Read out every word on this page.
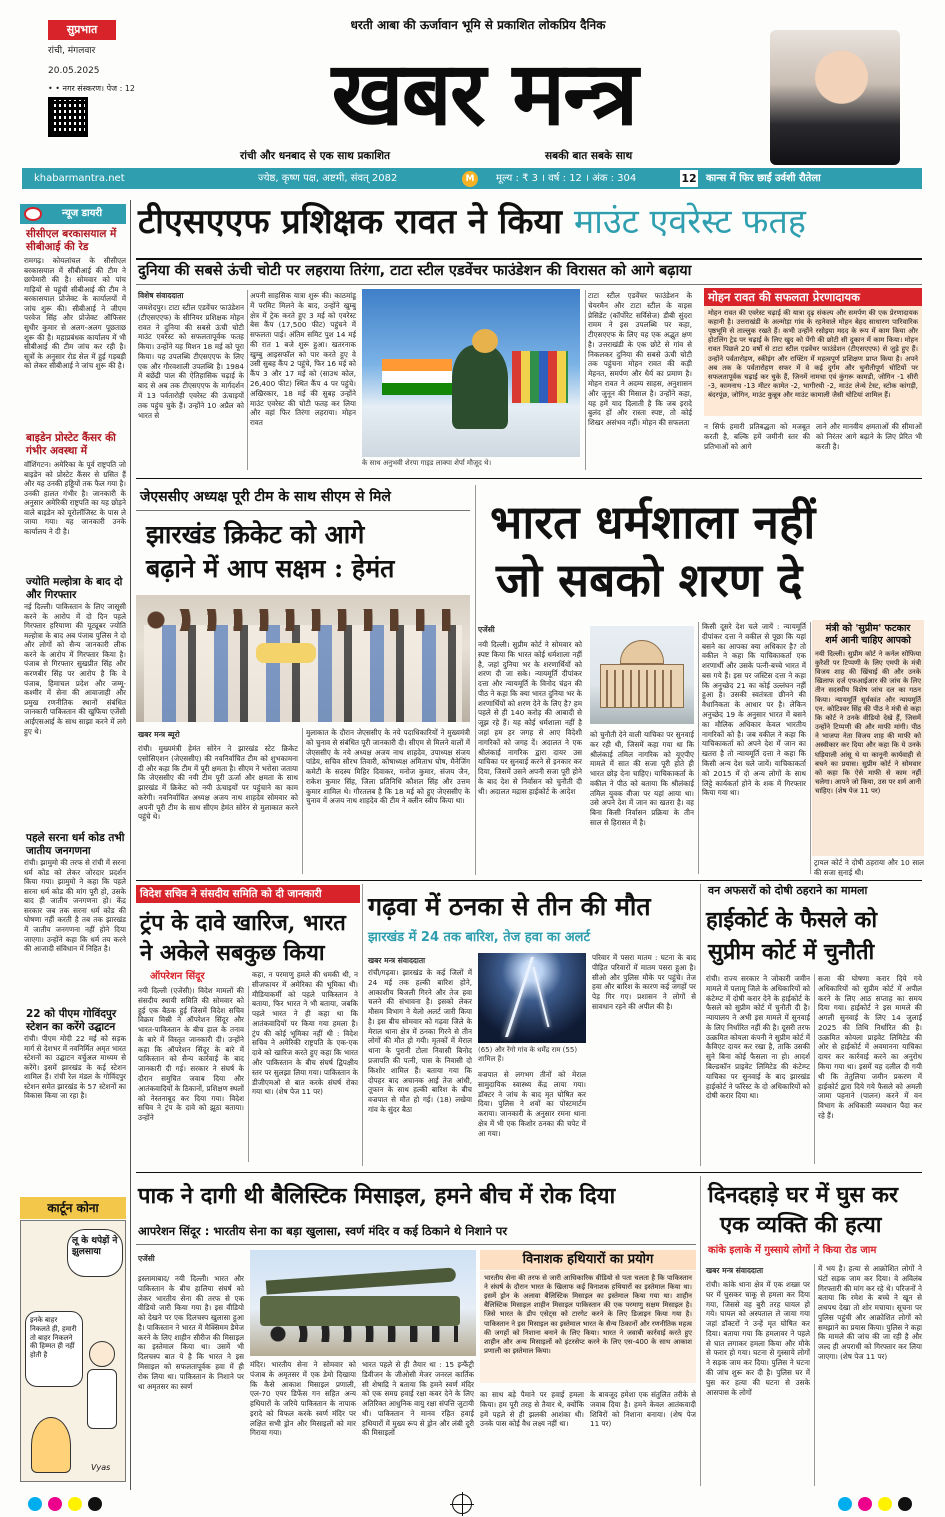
सुप्रभात
रांची, मंगलवार
20.05.2025
• • नगर संस्करण। पेज : 12
धरती आबा की ऊर्जावान भूमि से प्रकाशित लोकप्रिय दैनिक
खबर मन्त्र
रांची और धनबाद से एक साथ प्रकाशित	सबकी बात सबके साथ
khabarmantra.net	ज्येष्ठ, कृष्ण पक्ष, अष्टमी, संवत् 2082	मूल्य : ₹ 3 । वर्ष : 12 । अंक : 304	कान्स में फिर छाईं उर्वशी रौतेला
M	12
न्यूज डायरी
सीसीएल बरकासयाल में सीबीआई की रेड
रामगढ़। कोयलांचल के सीसीएल बरकासयाल में सीबीआई की टीम ने छापेमारी की है। सोमवार को पांच गाड़ियों से पहुंची सीबीआई की टीम ने बरकासयाल प्रोजेक्ट के कार्यालयों में जांच शुरू की। सीबीआई ने जीएम परवेज सिंह और प्रोजेक्ट ऑफिसर सुधीर कुमार से अलग-अलग पूछताछ शुरू की है। महाप्रबंधक कार्यालय में भी सीबीआई की टीम जांच कर रही है। सूत्रों के अनुसार रोड सेल में हुई गड़बड़ी को लेकर सीबीआई ने जांच शुरू की है।
बाइडेन प्रोस्टेट कैंसर की गंभीर अवस्था में
वॉशिंगटन। अमेरिका के पूर्व राष्ट्रपति जो बाइडेन को प्रोस्टेट कैंसर से ग्रसित हैं और यह उनकी हड्डियों तक फैल गया है। उनकी हालत गंभीर है। जानकारी के अनुसार अमेरिकी राष्ट्रपति का यह छोड़ने वाले बाइडेन को यूरोलॉजिस्ट के पास ले जाया गया। यह जानकारी उनके कार्यालय ने दी है।
ज्योति मल्होत्रा के बाद दो और गिरफ्तार
नई दिल्ली। पाकिस्तान के लिए जासूसी करने के आरोप में दो दिन पहले गिरफ्तार हरियाणा की यूट्यूबर ज्योति मल्होत्रा के बाद अब पंजाब पुलिस ने दो और लोगों को सैन्य जानकारी लीक करने के आरोप में गिरफ्तार किया है। पंजाब से गिरफ्तार सुखप्रीत सिंह और करणबीर सिंह पर आरोप है कि वे पंजाब, हिमाचल प्रदेश और जम्मू-कश्मीर में सेना की आवाजाही और प्रमुख रणनीतिक स्थानों संबंधित जानकारी पाकिस्तान की खुफिया एजेंसी आईएसआई के साथ साझा करने में लगे हुए थे।
पहले सरना धर्म कोड तभी जातीय जनगणना
रांची। झामुमो की तरफ से रांची में सरना धर्म कोड को लेकर जोरदार प्रदर्शन किया गया। झामुमो ने कहा कि पहले सरना धर्म कोड की मांग पूरी हो, उसके बाद ही जातीय जनगणना हो। केंद्र सरकार जब तक सरना धर्म कोड की घोषणा नहीं करती है तब तक झारखंड में जातीय जनगणना नहीं होने दिया जाएगा। उन्होंने कहा कि धर्म तय करने की आजादी संविधान में निहित है।
22 को पीएम गोविंदपुर स्टेशन का करेंगे उद्घाटन
रांची। पीएम मोदी 22 मई को सड़क मार्ग से देशभर में नवनिर्मित अमृत भारत स्टेशनों का उद्घाटन वर्चुअल माध्यम से करेंगे। इसमें झारखंड के कई स्टेशन शामिल हैं। रांची रेल मंडल के गोविंदपुर स्टेशन समेत झारखंड के 57 स्टेशनों का विकास किया जा रहा है।
कार्टून कोना
लू के थपेड़ों ने झुलसाया
इनके बाहर निकलते ही, हमारी तो बाहर निकलने की हिम्मत ही नहीं होती है
Vyas
टीएसएएफ प्रशिक्षक रावत ने किया माउंट एवरेस्ट फतह
दुनिया की सबसे ऊंची चोटी पर लहराया तिरंगा, टाटा स्टील एडवेंचर फाउंडेशन की विरासत को आगे बढ़ाया
विशेष संवाददाता
जमशेदपुर। टाटा स्टील एडवेंचर फाउंडेशन (टीएसएएफ) के सीनियर प्रशिक्षक मोहन रावत ने दुनिया की सबसे ऊंची चोटी माउंट एवरेस्ट को सफलतापूर्वक फतह किया। उन्होंने यह मिशन 18 मई को पूरा किया। यह उपलब्धि टीएसएएफ के लिए एक और गौरवशाली उपलब्धि है। 1984 में बछेंद्री पाल की ऐतिहासिक चढ़ाई के बाद से अब तक टीएसएएफ के मार्गदर्शन में 13 पर्वतारोही एवरेस्ट की ऊंचाइयों तक पहुंच चुके हैं। उन्होंने 10 अप्रैल को भारत से
अपनी साहसिक यात्रा शुरू की। काठमांडू में परमिट मिलने के बाद, उन्होंने खुम्बु क्षेत्र में ट्रेक करते हुए 3 मई को एवरेस्ट बेस कैंप (17,500 फीट) पहुंचने में सफलता पाई। अंतिम समिट पुश 14 मई की रात 1 बजे शुरू हुआ। खतरनाक खुम्बु आइसफॉल को पार करते हुए वे उसी सुबह कैंप 2 पहुंचे, फिर 16 मई को कैंप 3 और 17 मई को (साउथ कोल, 26,400 फीट) स्थित कैंप 4 पर पहुंचे। अखिरकार, 18 मई की सुबह उन्होंने माउंट एवरेस्ट की चोटी फतह कर लिया और वहां फिर तिरंगा लहराया। मोहन रावत
के साथ अनुभवी शेरपा गाइड लाक्पा शेर्पा मौजूद थे।
टाटा स्टील एडवेंचर फाउंडेशन के चेयरमैन और टाटा स्टील के वाइस प्रेसिडेंट (कॉर्पोरेट सर्विसेज) डीबी सुंदरा रामम ने इस उपलब्धि पर कहा, टीएसएएफ के लिए यह एक अद्भुत क्षण है। उत्तराखंडी के एक छोटे से गांव से निकलकर दुनिया की सबसे ऊंची चोटी तक पहुंचना मोहन रावत की कड़ी मेहनत, समर्पण और धैर्य का प्रमाण है। मोहन रावत ने अदम्य साहस, अनुशासन और जुनून की मिसाल है। उन्होंने कहा, यह हमें याद दिलाती है कि जब इरादे बुलंद हों और रास्ता स्पष्ट, तो कोई शिखर असंभव नहीं। मोहन की सफलता
मोहन रावत की सफलता प्रेरणादायक
मोहन रावत की एवरेस्ट चढ़ाई की यात्रा दृढ़ संकल्प और समर्पण की एक प्रेरणादायक कहानी है। उत्तराखंडी के अल्मोड़ा गांव के रहनेवाले मोहन बेहद साधारण पारिवारिक पृष्ठभूमि से ताल्लुक रखते हैं। कभी उन्होंने रसोइया मदद के रूप में काम किया और होटलिंग ट्रेड पर चढ़ाई के लिए खुद को पेंगी की छोटी सी दुकान में काम किया। मोहन रावत पिछले 20 वर्षों से टाटा स्टील एडवेंचर फाउंडेशन (टीएसएएफ) से जुड़े हुए हैं। उन्होंने पर्वतारोहण, स्कीइंग और राफ्टिंग में महत्वपूर्ण प्रशिक्षण प्राप्त किया है। अपने अब तक के पर्वतारोहण सफर में वे कई दुर्गम और चुनौतीपूर्ण चोटियों पर सफलतापूर्वक चढ़ाई कर चुके हैं, जिनमें नामचा एवं कुंगरू कामडी, जोगिन -1 सीरी -3, कामनाथ -13 मीटर कामेत -2, भागीरथी -2, माउंट लेन्थे टेस्ट, स्टोक कांगड़ी, बंदरपूंछ, जोगिन, माउंट कुन्नूत्र और माउंट कामाली जैसी चोटियां शामिल हैं।
न सिर्फ हमारी प्रतिबद्धता को मजबूत करती है, बल्कि हमें जमीनी स्तर की प्रतिभाओं को आगे
लाने और मानवीय क्षमताओं की सीमाओं को निरंतर आगे बढ़ाने के लिए प्रेरित भी करती है।
जेएससीए अध्यक्ष पूरी टीम के साथ सीएम से मिले
झारखंड क्रिकेट को आगे
बढ़ाने में आप सक्षम : हेमंत
खबर मन्त्र ब्यूरो
रांची। मुख्यमंत्री हेमंत सोरेन ने झारखंड स्टेट क्रिकेट एसोसिएशन (जेएससीए) की नवनिर्वाचित टीम को शुभकामना दी और कहा कि टीम में पूरी क्षमता है। सीएम ने भरोसा जताया कि जेएससीए की नयी टीम पूरी ऊर्जा और क्षमता के साथ झारखंड में क्रिकेट को नयी ऊंचाइयों पर पहुंचाने का काम करेगी। नवनिर्वाचित अध्यक्ष अजय नाथ शाहदेव सोमवार को अपनी पूरी टीम के साथ सीएम हेमंत सोरेन से मुलाकात करने पहुंचे थे।
मुलाकात के दौरान जेएससीए के नये पदाधिकारियों ने मुख्यमंत्री को चुनाव से संबंधित पूरी जानकारी दी। सीएम से मिलने वालों में जेएससीए के नये अध्यक्ष अजय नाथ शाहदेव, उपाध्यक्ष संजय पांडेय, सचिव सौरभ तिवारी, कोषाध्यक्ष अमिताभ घोष, मैनेजिंग कमेटी के सदस्य मिहिर दिवाकर, मनोज कुमार, संजय जैन, राकेश कुमार सिंह, जिला प्रतिनिधि कौशल सिंह और उत्तम कुमार शामिल थे। गौरतलब है कि 18 मई को हुए जेएससीए के चुनाव में अजय नाथ शाहदेव की टीम ने क्लीन स्वीप किया था।
भारत धर्मशाला नहीं
जो सबको शरण दे
एजेंसी
नयी दिल्ली। सुप्रीम कोर्ट ने सोमवार को स्पष्ट किया कि भारत कोई धर्मशाला नहीं है, जहां दुनिया भर के शरणार्थियों को शरण दी जा सके। न्यायमूर्ति दीपांकर दत्ता और न्यायमूर्ति के विनोद चंद्रन की पीठ ने कहा कि क्या भारत दुनिया भर के शरणार्थियों को शरण देने के लिए है? हम पहले से ही 140 करोड़ की आबादी से जूझ रहे हैं। यह कोई धर्मशाला नहीं है जहां हम हर जगह से आए विदेशी नागरिकों को जगह दें। अदालत ने एक श्रीलंकाई नागरिक द्वारा दायर उस याचिका पर सुनवाई करने से इनकार कर दिया, जिसमें उसने अपनी सजा पूरी होने के बाद देश से निर्वासन को चुनौती दी थी। अदालत मद्रास हाईकोर्ट के आदेश
को चुनौती देने वाली याचिका पर सुनवाई कर रही थी, जिसमें कहा गया था कि श्रीलंकाई तमिल नागरिक को यूएपीए मामले में सात की सजा पूरी होते ही भारत छोड़ देना चाहिए। याचिकाकर्ता के वकील ने पीठ को बताया कि श्रीलंकाई तमिल युवक वीजा पर यहां आया था। उसे अपने देश में जान का खतरा है। वह बिना किसी निर्वासन प्रक्रिया के तीन साल से हिरासत में है।
किसी दूसरे देश चले जायें : न्यायमूर्ति दीपांकर दत्ता ने वकील से पूछा कि यहां बसने का आपका क्या अधिकार है? तो वकील ने कहा कि याचिकाकर्ता एक शरणार्थी और उसके पत्नी-बच्चे भारत में बस गये हैं। इस पर जस्टिस दत्ता ने कहा कि अनुच्छेद 21 का कोई उल्लंघन नहीं हुआ है। उसकी स्वतंत्रता छीनने की वैधानिकता के आधार पर है। लेकिन अनुच्छेद 19 के अनुसार भारत में बसने का मौलिक अधिकार केवल भारतीय नागरिकों को है। जब वकील ने कहा कि याचिकाकर्ता को अपने देश में जान का खतरा है तो न्यायमूर्ति दत्ता ने कहा कि किसी अन्य देश चले जायें। याचिकाकर्ता को 2015 में दो अन्य लोगों के साथ लिट्टे कार्यकर्ता होने के शक में गिरफ्तार किया गया था।
मंत्री को 'सुप्रीम' फटकार
शर्म आनी चाहिए आपको
नयी दिल्ली। सुप्रीम कोर्ट ने कर्नल सोफिया कुरैशी पर टिप्पणी के लिए एमपी के मंत्री विजय शाह की खिंचाई की और उनके खिलाफ दर्ज एफआईआर की जांच के लिए तीन सदस्यीय विशेष जांच दल का गठन किया। न्यायमूर्ति सूर्यकांत और न्यायमूर्ति एन. कोटिश्वर सिंह की पीठ ने मंत्री से कहा कि कोर्ट ने उनके वीडियो देखे हैं, जिसमें उन्होंने टिप्पणी की और माफी मांगी। पीठ ने भाजपा नेता विजय शाह की माफी को अस्वीकार कर दिया और कहा कि ये उनके घड़ियाली आंसू थे या कानूनी कार्यवाही से बचने का प्रयास। सुप्रीम कोर्ट ने सोमवार को कहा कि ऐसे माफी से काम नहीं चलेगा। आपने जो किया, उस पर शर्म आनी चाहिए। (शेष पेज 11 पर)
ट्रायल कोर्ट ने दोषी ठहराया और 10 साल की सजा सुनाई थी।
विदेश सचिव ने संसदीय समिति को दी जानकारी
ट्रंप के दावे खारिज, भारत
ने अकेले सबकुछ किया
ऑपरेशन सिंदूर
नयी दिल्ली (एजेंसी)। विदेश मामलों की संसदीय स्थायी समिति की सोमवार को हुई एक बैठक हुई जिसमें विदेश सचिव विक्रम मिस्री ने ऑपरेशन सिंदूर और भारत-पाकिस्तान के बीच हाल के तनाव के बारे में विस्तृत जानकारी दी। उन्होंने कहा कि ऑपरेशन सिंदूर के बारे में पाकिस्तान को सैन्य कार्रवाई के बाद जानकारी दी गई। सरकार ने संघर्ष के दौरान समुचित जवाब दिया और आतंकवादियों के ठिकानों, प्रशिक्षण स्थलों को नेस्तनाबूद कर दिया गया। विदेश सचिव ने ट्रंप के दावे को झूठा बताया। उन्होंने
कहा, न परमाणु हमले की धमकी थी, न सीजफायर में अमेरिका की भूमिका थी। मीडियाकर्मी को पहले पाकिस्तान ने बताया, फिर भारत ने भी बताया, जबकि पहले भारत ने ही कहा था कि आतंकवादियों पर किया गया हमला है। ट्रंप की कोई भूमिका नहीं थी : विदेश सचिव ने अमेरिकी राष्ट्रपति के एक-एक दावे को खारिज करते हुए कहा कि भारत और पाकिस्तान के बीच संघर्ष द्विपक्षीय स्तर पर सुलझा लिया गया। पाकिस्तान के डीजीएमओ से बात करके संघर्ष रोका गया था। (शेष पेज 11 पर)
गढ़वा में ठनका से तीन की मौत
झारखंड में 24 तक बारिश, तेज हवा का अलर्ट
खबर मन्त्र संवाददाता
रांची/गढ़वा। झारखंड के कई जिलों में 24 मई तक हल्की बारिश होने, आकाशीय बिजली गिरने और तेज हवा चलने की संभावना है। इसको लेकर मौसम विभाग ने येलो अलर्ट जारी किया है। इस बीच सोमवार को गढ़वा जिले के मेराल थाना क्षेत्र में ठनका गिरने से तीन लोगों की मौत हो गयी। मृतकों में मेराल थाना के पुरानी टोला निवासी बिनोद प्रजापति की पत्नी, पास के निवासी दो किशोर शामिल हैं। बताया गया कि दोपहर बाद अचानक आई तेज आंधी, तूफान के साथ हल्की बारिश के बीच वज्रपात से मौत हो गई। (18) लखेया गांव के सुंदर बैठा
(65) और रेंगो गांव के धर्मेंद्र राम (55) शामिल हैं।
वज्रपात से लगभग तीनों को मेराल सामुदायिक स्वास्थ्य केंद्र लाया गया। डॉक्टर ने जांच के बाद मृत घोषित कर दिया। पुलिस ने शवों का पोस्टमार्टम कराया। जानकारी के अनुसार रमना थाना क्षेत्र में भी एक किशोर ठनका की चपेट में आ गया।
परिवार में पसरा मातम : घटना के बाद पीड़ित परिवारों में मातम पसरा हुआ है। सीओ और पुलिस मौके पर पहुंचे। तेज हवा और बारिश के कारण कई जगहों पर पेड़ गिर गए। प्रशासन ने लोगों से सावधान रहने की अपील की है।
वन अफसरों को दोषी ठहराने का मामला
हाईकोर्ट के फैसले को
सुप्रीम कोर्ट में चुनौती
रांची। राज्य सरकार ने जोकारी जमीन मामले में पलामू जिले के अधिकारियों को कंटेम्प्ट में दोषी करार देने के हाईकोर्ट के फैसले को सुप्रीम कोर्ट में चुनौती दी है। न्यायालय ने अभी इस मामले में सुनवाई के लिए निर्धारित नहीं की है। दूसरी तरफ उत्क्रमित कोयला कंपनी ने सुप्रीम कोर्ट में कैविएट दायर कर रखा है, ताकि उसकी सुने बिना कोई फैसला ना हो। आदर्श बिल्डकॉन प्राइवेट लिमिटेड की कंटेम्प्ट याचिका पर सुनवाई के बाद झारखंड हाईकोर्ट ने फॉरेस्ट के दो अधिकारियों को दोषी करार दिया था।
सजा की घोषणा करार दिये गये अधिकारियों को सुप्रीम कोर्ट में अपील करने के लिए आठ सप्ताह का समय दिया गया। हाईकोर्ट ने इस मामले की अगली सुनवाई के लिए 14 जुलाई 2025 की तिथि निर्धारित की है। उत्क्रमित कोयला प्राइवेट लिमिटेड की ओर से हाईकोर्ट में अवमानना याचिका दायर कर कार्रवाई करने का अनुरोध किया गया था। इसमें यह दलील दी गयी थी कि तेतुलिया जमीन प्रकरण में हाईकोर्ट द्वारा दिये गये फैसले को अमली जामा पहनाने (पालन) करने में वन विभाग के अधिकारी व्यवधान पैदा कर रहे हैं।
पाक ने दागी थी बैलिस्टिक मिसाइल, हमने बीच में रोक दिया
आपरेशन सिंदूर : भारतीय सेना का बड़ा खुलासा, स्वर्ण मंदिर व कई ठिकाने थे निशाने पर
एजेंसी
इस्लामाबाद/ नयी दिल्ली। भारत और पाकिस्तान के बीच हालिया संघर्ष को लेकर भारतीय सेना की तरफ से एक वीडियो जारी किया गया है। इस वीडियो को देखने पर एक दिलचस्प खुलासा हुआ है। पाकिस्तान ने भारत में मैक्सिमम डैमेज करने के लिए शाहीन सीरीज की मिसाइल का इस्तेमाल किया था। उसमें भी दिलचस्प बात ये है कि भारत ने इस मिसाइल को सफलतापूर्वक हवा में ही रोक लिया था। पाकिस्तान के निशाने पर था अमृतसर का स्वर्ण
मंदिर। भारतीय सेना ने सोमवार को पंजाब के अमृतसर में एक डेमो दिखाया कि कैसे आकाश मिसाइल प्रणाली, एल-70 एयर डिफेंस गन सहित अन्य हथियारों के जरिये पाकिस्तान के नापाक इरादे को विफल करके स्वर्ण मंदिर पर लक्षित सभी ड्रोन और मिसाइलों को मार गिराया गया।
भारत पहले से ही तैयार था : 15 इन्फैंट्री डिवीजन के जीओसी मेजर जनरल कार्तिक सी शेषाद्रि ने बताया कि हमने स्वर्ण मंदिर को एक समग्र हवाई रक्षा कवर देने के लिए अतिरिक्त आधुनिक वायु रक्षा संपत्ति जुटायी थी। पाकिस्तान ने मानव रहित हवाई हथियारों में मुख्य रूप से ड्रोन और लंबी दूरी की मिसाइलों
विनाशक हथियारों का प्रयोग
भारतीय सेना की तरफ से जारी आधिकारिक वीडियो से पता चलता है कि पाकिस्तान ने संघर्ष के दौरान भारत के खिलाफ कई विनाशक हथियारों का इस्तेमाल किया था। इसमें ड्रोन के अलावा बैलिस्टिक मिसाइल का इस्तेमाल किया गया था। शाहीन बैलिस्टिक मिसाइल शाहीन मिसाइल पाकिस्तान की एक परमाणु सक्षम मिसाइल है। जिसे भारत के डीप एसेट्स को टारगेट करने के लिए डिजाइन किया गया है। पाकिस्तान ने इस मिसाइल का इस्तेमाल भारत के सैन्य ठिकानों और रणनीतिक महत्व की जगहों को निशाना बनाने के लिए किया। भारत ने जवाबी कार्रवाई करते हुए शाहीन और अन्य मिसाइलों को इंटरसेप्ट करने के लिए एस-400 के साथ आकाश प्रणाली का इस्तेमाल किया।
का साथ बड़े पैमाने पर हवाई हमला किया। हम पूरी तरह से तैयार थे, क्योंकि हमें पहले से ही झलकी आशंका थी। उनके पास कोई वैध लक्ष्य नहीं था।
के बावजूद हमेशा एक संतुलित तरीके से जवाब दिया है। हमने केवल आतंकवादी शिविरों को निशाना बनाया। (शेष पेज 11 पर)
दिनदहाड़े घर में घुस कर
एक व्यक्ति की हत्या
कांके इलाके में गुस्साये लोगों ने किया रोड जाम
खबर मन्त्र संवाददाता
रांची। कांके थाना क्षेत्र में एक शख्स पर घर में घुसकर चाकू से हमला कर दिया गया, जिससे वह बुरी तरह घायल हो गये। घायल को अस्पताल ले जाया गया जहां डॉक्टरों ने उन्हें मृत घोषित कर दिया। बताया गया कि हमलावर ने पहले से घात लगाकर हमला किया और मौके से फरार हो गया। घटना से गुस्साये लोगों ने सड़क जाम कर दिया। पुलिस ने घटना की जांच शुरू कर दी है। पुलिस घर में घुस कर हत्या की घटना से उसके आसपास के लोगों
में भय है। हत्या से आक्रोशित लोगों ने घंटों सड़क जाम कर दिया। वे अविलंब गिरफ्तारी की मांग कर रहे थे। परिजनों ने बताया कि रमेश के बच्चे ने खून से लथपथ देखा तो शोर मचाया। सूचना पर पुलिस पहुंची और आक्रोशित लोगों को समझाने का प्रयास किया। पुलिस ने कहा कि मामले की जांच की जा रही है और जल्द ही अपराधी को गिरफ्तार कर लिया जाएगा। (शेष पेज 11 पर)
